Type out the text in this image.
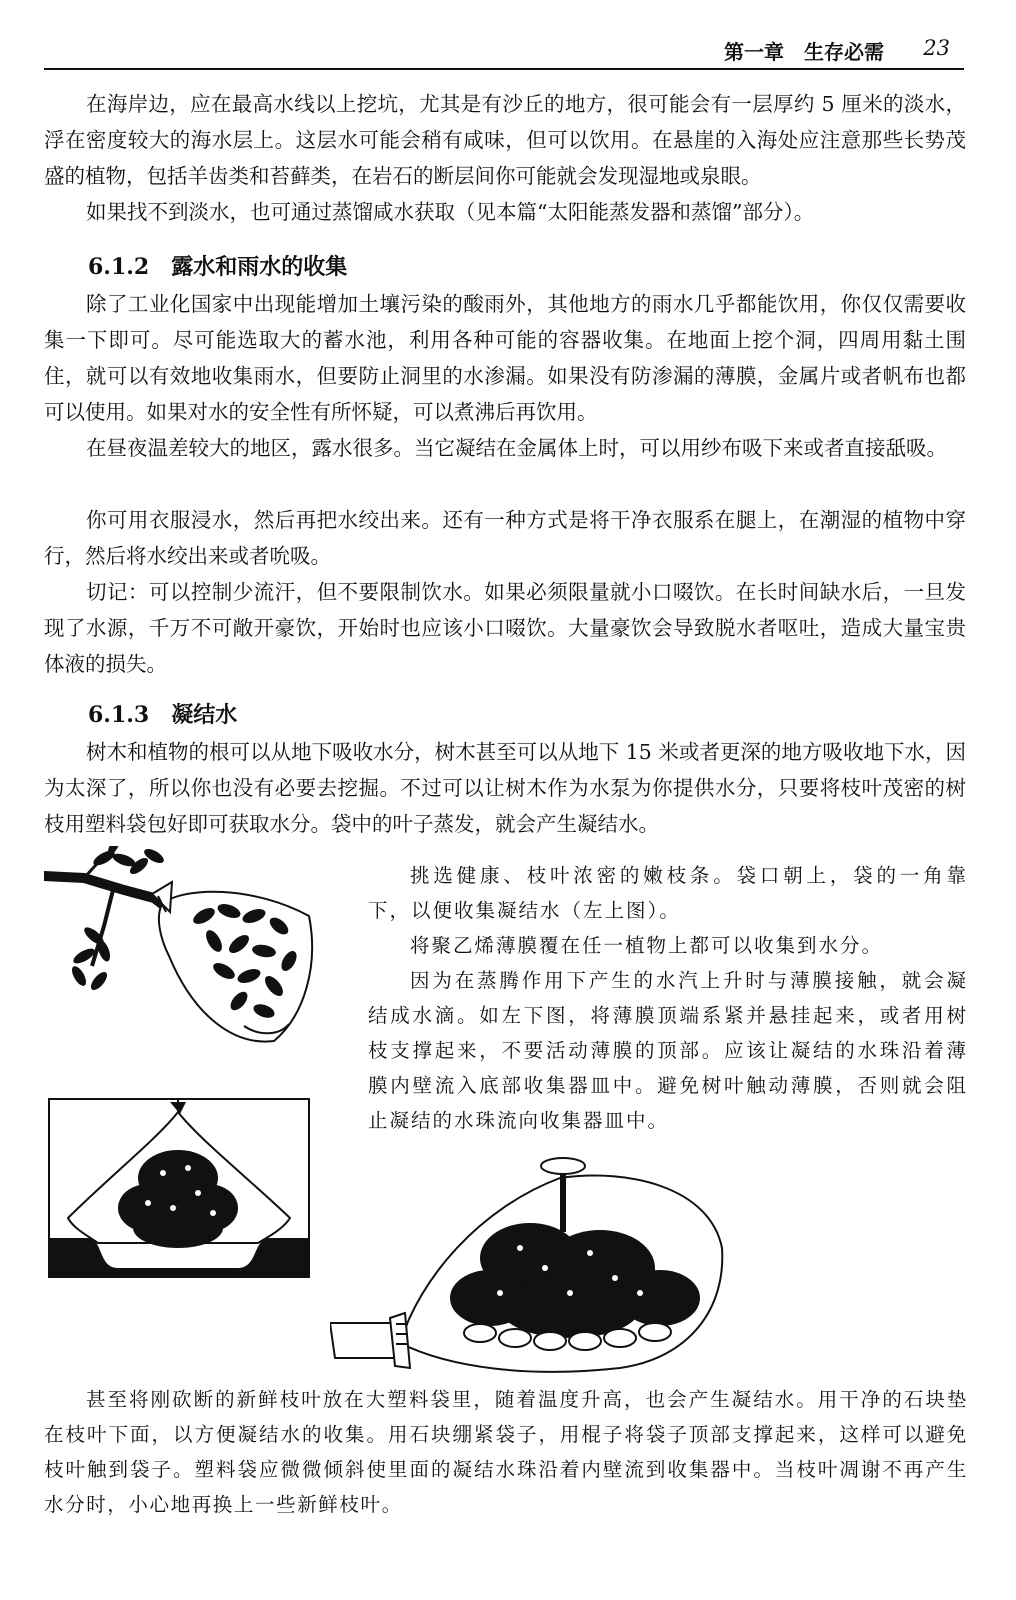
第一章　生存必需 23

在海岸边，应在最高水线以上挖坑，尤其是有沙丘的地方，很可能会有一层厚约 5 厘米的淡水，浮在密度较大的海水层上。这层水可能会稍有咸味，但可以饮用。在悬崖的入海处应注意那些长势茂盛的植物，包括羊齿类和苔藓类，在岩石的断层间你可能就会发现湿地或泉眼。

如果找不到淡水，也可通过蒸馏咸水获取（见本篇“太阳能蒸发器和蒸馏”部分）。

6.1.2　露水和雨水的收集

除了工业化国家中出现能增加土壤污染的酸雨外，其他地方的雨水几乎都能饮用，你仅仅需要收集一下即可。尽可能选取大的蓄水池，利用各种可能的容器收集。在地面上挖个洞，四周用黏土围住，就可以有效地收集雨水，但要防止洞里的水渗漏。如果没有防渗漏的薄膜，金属片或者帆布也都可以使用。如果对水的安全性有所怀疑，可以煮沸后再饮用。

在昼夜温差较大的地区，露水很多。当它凝结在金属体上时，可以用纱布吸下来或者直接舐吸。

你可用衣服浸水，然后再把水绞出来。还有一种方式是将干净衣服系在腿上，在潮湿的植物中穿行，然后将水绞出来或者吮吸。

切记：可以控制少流汗，但不要限制饮水。如果必须限量就小口啜饮。在长时间缺水后，一旦发现了水源，千万不可敞开豪饮，开始时也应该小口啜饮。大量豪饮会导致脱水者呕吐，造成大量宝贵体液的损失。

6.1.3　凝结水

树木和植物的根可以从地下吸收水分，树木甚至可以从地下 15 米或者更深的地方吸收地下水，因为太深了，所以你也没有必要去挖掘。不过可以让树木作为水泵为你提供水分，只要将枝叶茂密的树枝用塑料袋包好即可获取水分。袋中的叶子蒸发，就会产生凝结水。

挑选健康、枝叶浓密的嫩枝条。袋口朝上，袋的一角靠下，以便收集凝结水（左上图）。

将聚乙烯薄膜覆在任一植物上都可以收集到水分。

因为在蒸腾作用下产生的水汽上升时与薄膜接触，就会凝结成水滴。如左下图，将薄膜顶端系紧并悬挂起来，或者用树枝支撑起来，不要活动薄膜的顶部。应该让凝结的水珠沿着薄膜内壁流入底部收集器皿中。避免树叶触动薄膜，否则就会阻止凝结的水珠流向收集器皿中。

甚至将刚砍断的新鲜枝叶放在大塑料袋里，随着温度升高，也会产生凝结水。用干净的石块垫在枝叶下面，以方便凝结水的收集。用石块绷紧袋子，用棍子将袋子顶部支撑起来，这样可以避免枝叶触到袋子。塑料袋应微微倾斜使里面的凝结水珠沿着内壁流到收集器中。当枝叶凋谢不再产生水分时，小心地再换上一些新鲜枝叶。
